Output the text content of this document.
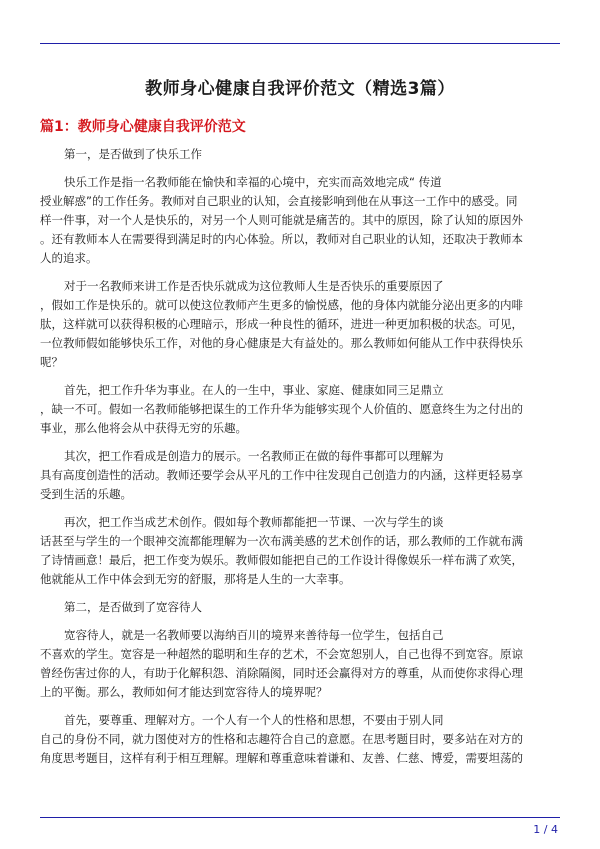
教师身心健康自我评价范文（精选3篇）
篇1：教师身心健康自我评价范文

第一，是否做到了快乐工作

快乐工作是指一名教师能在愉快和幸福的心境中，充实而高效地完成“ 传道
授业解惑”的工作任务。教师对自己职业的认知，会直接影响到他在从事这一工作中的感受。同
样一件事，对一个人是快乐的，对另一个人则可能就是痛苦的。其中的原因，除了认知的原因外
。还有教师本人在需要得到满足时的内心体验。所以，教师对自己职业的认知，还取决于教师本
人的追求。

对于一名教师来讲工作是否快乐就成为这位教师人生是否快乐的重要原因了
，假如工作是快乐的。就可以使这位教师产生更多的愉悦感，他的身体内就能分泌出更多的内啡
肽，这样就可以获得积极的心理暗示，形成一种良性的循环，进进一种更加积极的状态。可见，
一位教师假如能够快乐工作，对他的身心健康是大有益处的。那么教师如何能从工作中获得快乐
呢？

首先，把工作升华为事业。在人的一生中，事业、家庭、健康如同三足鼎立
，缺一不可。假如一名教师能够把谋生的工作升华为能够实现个人价值的、愿意终生为之付出的
事业，那么他将会从中获得无穷的乐趣。

其次，把工作看成是创造力的展示。一名教师正在做的每件事都可以理解为
具有高度创造性的活动。教师还要学会从平凡的工作中往发现自己创造力的内涵，这样更轻易享
受到生活的乐趣。

再次，把工作当成艺术创作。假如每个教师都能把一节课、一次与学生的谈
话甚至与学生的一个眼神交流都能理解为一次布满美感的艺术创作的话，那么教师的工作就布满
了诗情画意！最后，把工作变为娱乐。教师假如能把自己的工作设计得像娱乐一样布满了欢笑，
他就能从工作中体会到无穷的舒服，那将是人生的一大幸事。

第二，是否做到了宽容待人

宽容待人，就是一名教师要以海纳百川的境界来善待每一位学生，包括自己
不喜欢的学生。宽容是一种超然的聪明和生存的艺术，不会宽恕别人，自己也得不到宽容。原谅
曾经伤害过你的人，有助于化解积怨、消除隔阂，同时还会赢得对方的尊重，从而使你求得心理
上的平衡。那么，教师如何才能达到宽容待人的境界呢？

首先，要尊重、理解对方。一个人有一个人的性格和思想，不要由于别人同
自己的身份不同，就力图使对方的性格和志趣符合自己的意愿。在思考题目时，要多站在对方的
角度思考题目，这样有利于相互理解。理解和尊重意味着谦和、友善、仁慈、博爱，需要坦荡的

1 / 4
